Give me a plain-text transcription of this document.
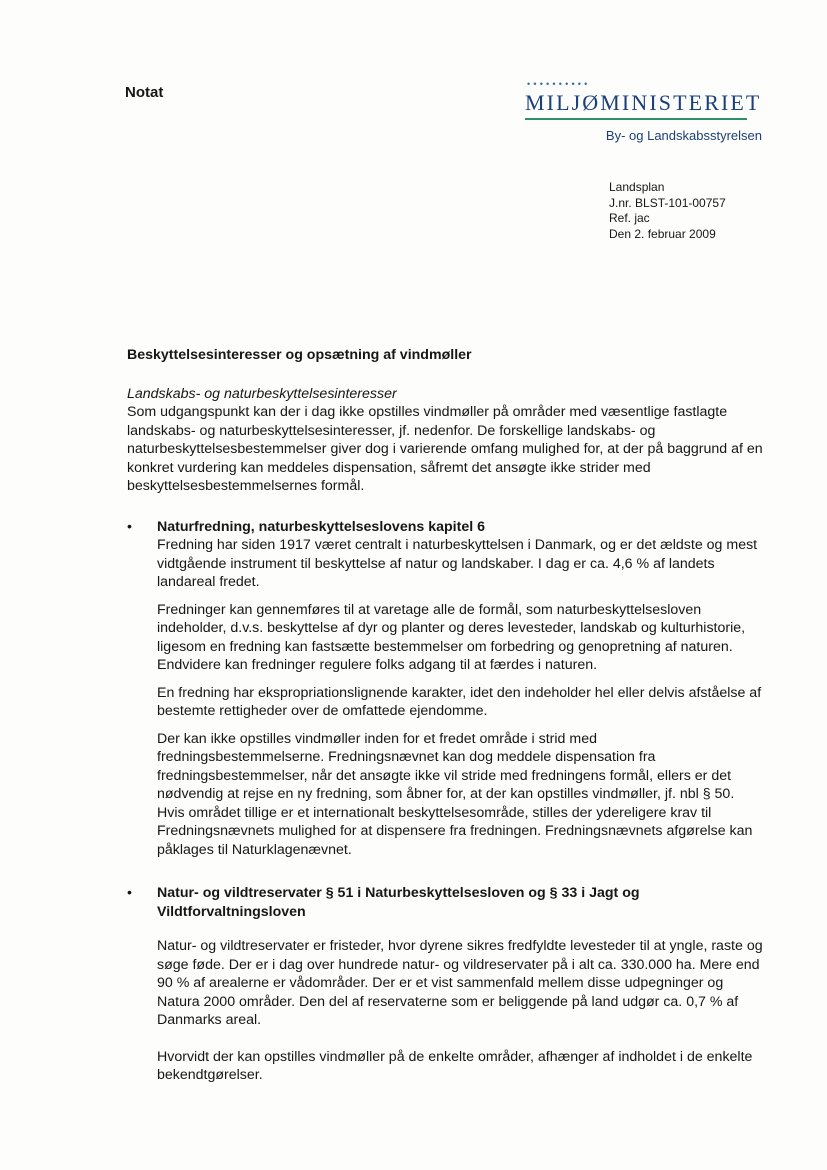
Notat	••••••••••
MILJØMINISTERIET
By- og Landskabsstyrelsen
Landsplan
J.nr. BLST-101-00757
Ref. jac
Den 2. februar 2009
Beskyttelsesinteresser og opsætning af vindmøller
Landskabs- og naturbeskyttelsesinteresser

Som udgangspunkt kan der i dag ikke opstilles vindmøller på områder med væsentlige fastlagte landskabs- og naturbeskyttelsesinteresser, jf. nedenfor. De forskellige landskabs- og naturbeskyttelsesbestemmelser giver dog i varierende omfang mulighed for, at der på baggrund af en konkret vurdering kan meddeles dispensation, såfremt det ansøgte ikke strider med beskyttelsesbestemmelsernes formål.

• Naturfredning, naturbeskyttelseslovens kapitel 6

Fredning har siden 1917 været centralt i naturbeskyttelsen i Danmark, og er det ældste og mest vidtgående instrument til beskyttelse af natur og landskaber. I dag er ca. 4,6 % af landets landareal fredet.

Fredninger kan gennemføres til at varetage alle de formål, som naturbeskyttelsesloven indeholder, d.v.s. beskyttelse af dyr og planter og deres levesteder, landskab og kulturhistorie, ligesom en fredning kan fastsætte bestemmelser om forbedring og genopretning af naturen. Endvidere kan fredninger regulere folks adgang til at færdes i naturen.

En fredning har ekspropriationslignende karakter, idet den indeholder hel eller delvis afståelse af bestemte rettigheder over de omfattede ejendomme.

Der kan ikke opstilles vindmøller inden for et fredet område i strid med fredningsbestemmelserne. Fredningsnævnet kan dog meddele dispensation fra fredningsbestemmelser, når det ansøgte ikke vil stride med fredningens formål, ellers er det nødvendig at rejse en ny fredning, som åbner for, at der kan opstilles vindmøller, jf. nbl § 50. Hvis området tillige er et internationalt beskyttelsesområde, stilles der ydereligere krav til Fredningsnævnets mulighed for at dispensere fra fredningen. Fredningsnævnets afgørelse kan påklages til Naturklagenævnet.

• Natur- og vildtreservater § 51 i Naturbeskyttelsesloven og § 33 i Jagt og Vildtforvaltningsloven

Natur- og vildtreservater er fristeder, hvor dyrene sikres fredfyldte levesteder til at yngle, raste og søge føde. Der er i dag over hundrede natur- og vildreservater på i alt ca. 330.000 ha. Mere end 90 % af arealerne er vådområder. Der er et vist sammenfald mellem disse udpegninger og Natura 2000 områder. Den del af reservaterne som er beliggende på land udgør ca. 0,7 % af Danmarks areal.

Hvorvidt der kan opstilles vindmøller på de enkelte områder, afhænger af indholdet i de enkelte bekendtgørelser.
